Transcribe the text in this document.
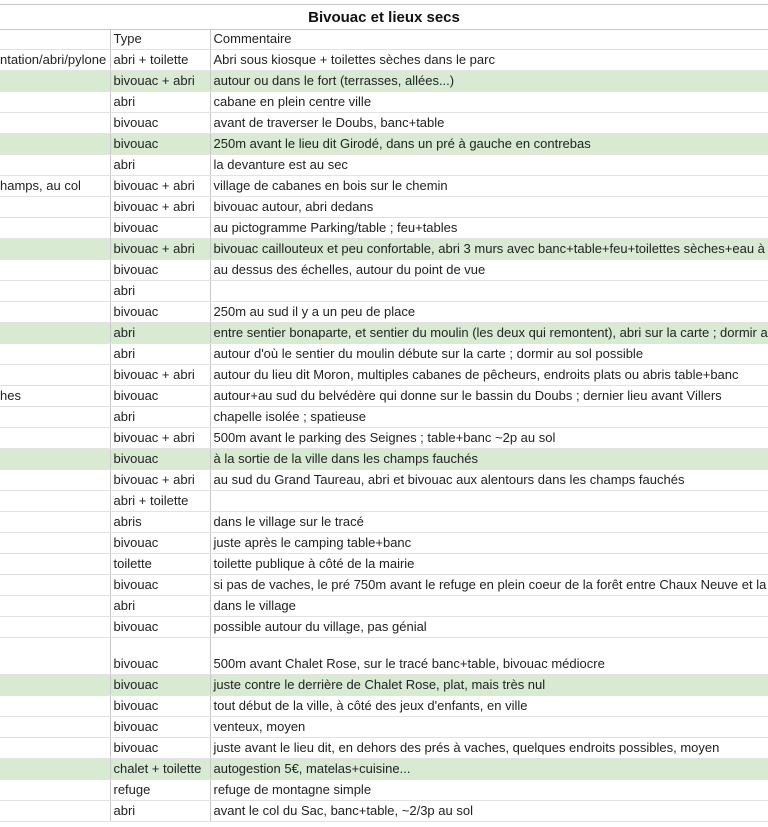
Bivouac et lieux secs
	Type	Commentaire
ntation/abri/pylone	abri + toilette	Abri sous kiosque + toilettes sèches dans le parc
	bivouac + abri	autour ou dans le fort (terrasses, allées...)
	abri	cabane en plein centre ville
	bivouac	avant de traverser le Doubs, banc+table
	bivouac	250m avant le lieu dit Girodé, dans un pré à gauche en contrebas
	abri	la devanture est au sec
hamps, au col	bivouac + abri	village de cabanes en bois sur le chemin
	bivouac + abri	bivouac autour, abri dedans
	bivouac	au pictogramme Parking/table ; feu+tables
	bivouac + abri	bivouac caillouteux et peu confortable, abri 3 murs avec banc+table+feu+toilettes sèches+eau à
	bivouac	au dessus des échelles, autour du point de vue
	abri	
	bivouac	250m au sud il y a un peu de place
	abri	entre sentier bonaparte, et sentier du moulin (les deux qui remontent), abri sur la carte ; dormir a
	abri	autour d'où le sentier du moulin débute sur la carte ; dormir au sol possible
	bivouac + abri	autour du lieu dit Moron, multiples cabanes de pêcheurs, endroits plats ou abris table+banc
hes	bivouac	autour+au sud du belvédère qui donne sur le bassin du Doubs ; dernier lieu avant Villers
	abri	chapelle isolée ; spatieuse
	bivouac + abri	500m avant le parking des Seignes ; table+banc ~2p au sol
	bivouac	à la sortie de la ville dans les champs fauchés
	bivouac + abri	au sud du Grand Taureau, abri et bivouac aux alentours dans les champs fauchés
	abri + toilette	
	abris	dans le village sur le tracé
	bivouac	juste après le camping table+banc
	toilette	toilette publique à côté de la mairie
	bivouac	si pas de vaches, le pré 750m avant le refuge en plein coeur de la forêt entre Chaux Neuve et la
	abri	dans le village
	bivouac	possible autour du village, pas génial
	bivouac	500m avant Chalet Rose, sur le tracé banc+table, bivouac médiocre
	bivouac	juste contre le derrière de Chalet Rose, plat, mais très nul
	bivouac	tout début de la ville, à côté des jeux d'enfants, en ville
	bivouac	venteux, moyen
	bivouac	juste avant le lieu dit, en dehors des prés à vaches, quelques endroits possibles, moyen
	chalet + toilette	autogestion 5€, matelas+cuisine...
	refuge	refuge de montagne simple
	abri	avant le col du Sac, banc+table, ~2/3p au sol
